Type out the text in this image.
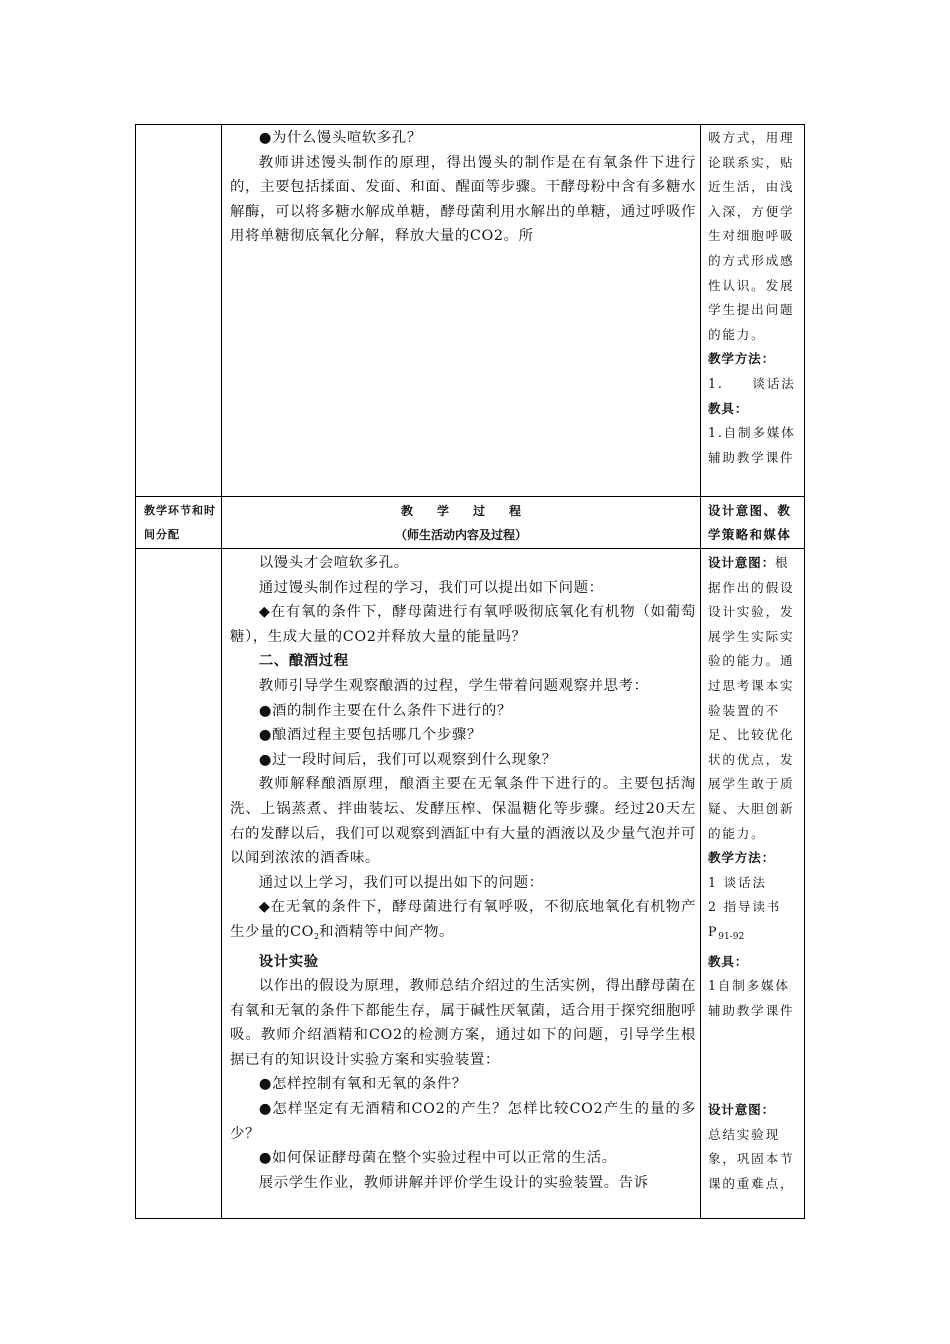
●为什么馒头喧软多孔？

教师讲述馒头制作的原理，得出馒头的制作是在有氧条件下进行的，主要包括揉面、发面、和面、醒面等步骤。干酵母粉中含有多糖水解酶，可以将多糖水解成单糖，酵母菌利用水解出的单糖，通过呼吸作用将单糖彻底氧化分解，释放大量的CO2。所

吸方式，用理论联系实，贴近生活，由浅入深，方便学生对细胞呼吸的方式形成感性认识。发展学生提出问题的能力。

教学方法：

1.　　谈话法

教具：

1.自制多媒体辅助教学课件

教学环节和时间分配
教　　学　　过　　程
（师生活动内容及过程）
设计意图、教学策略和媒体

以馒头才会喧软多孔。

通过馒头制作过程的学习，我们可以提出如下问题：

◆在有氧的条件下，酵母菌进行有氧呼吸彻底氧化有机物（如葡萄糖），生成大量的CO2并释放大量的能量吗？

二、酿酒过程

教师引导学生观察酿酒的过程，学生带着问题观察并思考：

●酒的制作主要在什么条件下进行的？

●酿酒过程主要包括哪几个步骤？

●过一段时间后，我们可以观察到什么现象？

教师解释酿酒原理，酿酒主要在无氧条件下进行的。主要包括淘洗、上锅蒸煮、拌曲装坛、发酵压榨、保温糖化等步骤。经过20天左右的发酵以后，我们可以观察到酒缸中有大量的酒液以及少量气泡并可以闻到浓浓的酒香味。

通过以上学习，我们可以提出如下的问题：

◆在无氧的条件下，酵母菌进行有氧呼吸，不彻底地氧化有机物产生少量的$CO_2$和酒精等中间产物。

设计实验

以作出的假设为原理，教师总结介绍过的生活实例，得出酵母菌在有氧和无氧的条件下都能生存，属于碱性厌氧菌，适合用于探究细胞呼吸。教师介绍酒精和CO2的检测方案，通过如下的问题，引导学生根据已有的知识设计实验方案和实验装置：

●怎样控制有氧和无氧的条件？

●怎样坚定有无酒精和CO2的产生？怎样比较CO2产生的量的多少？

●如何保证酵母菌在整个实验过程中可以正常的生活。

展示学生作业，教师讲解并评价学生设计的实验装置。告诉

设计意图：根据作出的假设设计实验，发展学生实际实验的能力。通过思考课本实验装置的不足、比较优化状的优点，发展学生敢于质疑、大胆创新的能力。

教学方法：

1 谈话法

2 指导读书$P_{91-92}$

教具：

1自制多媒体辅助教学课件

设计意图：

总结实验现象，巩固本节课的重难点，
